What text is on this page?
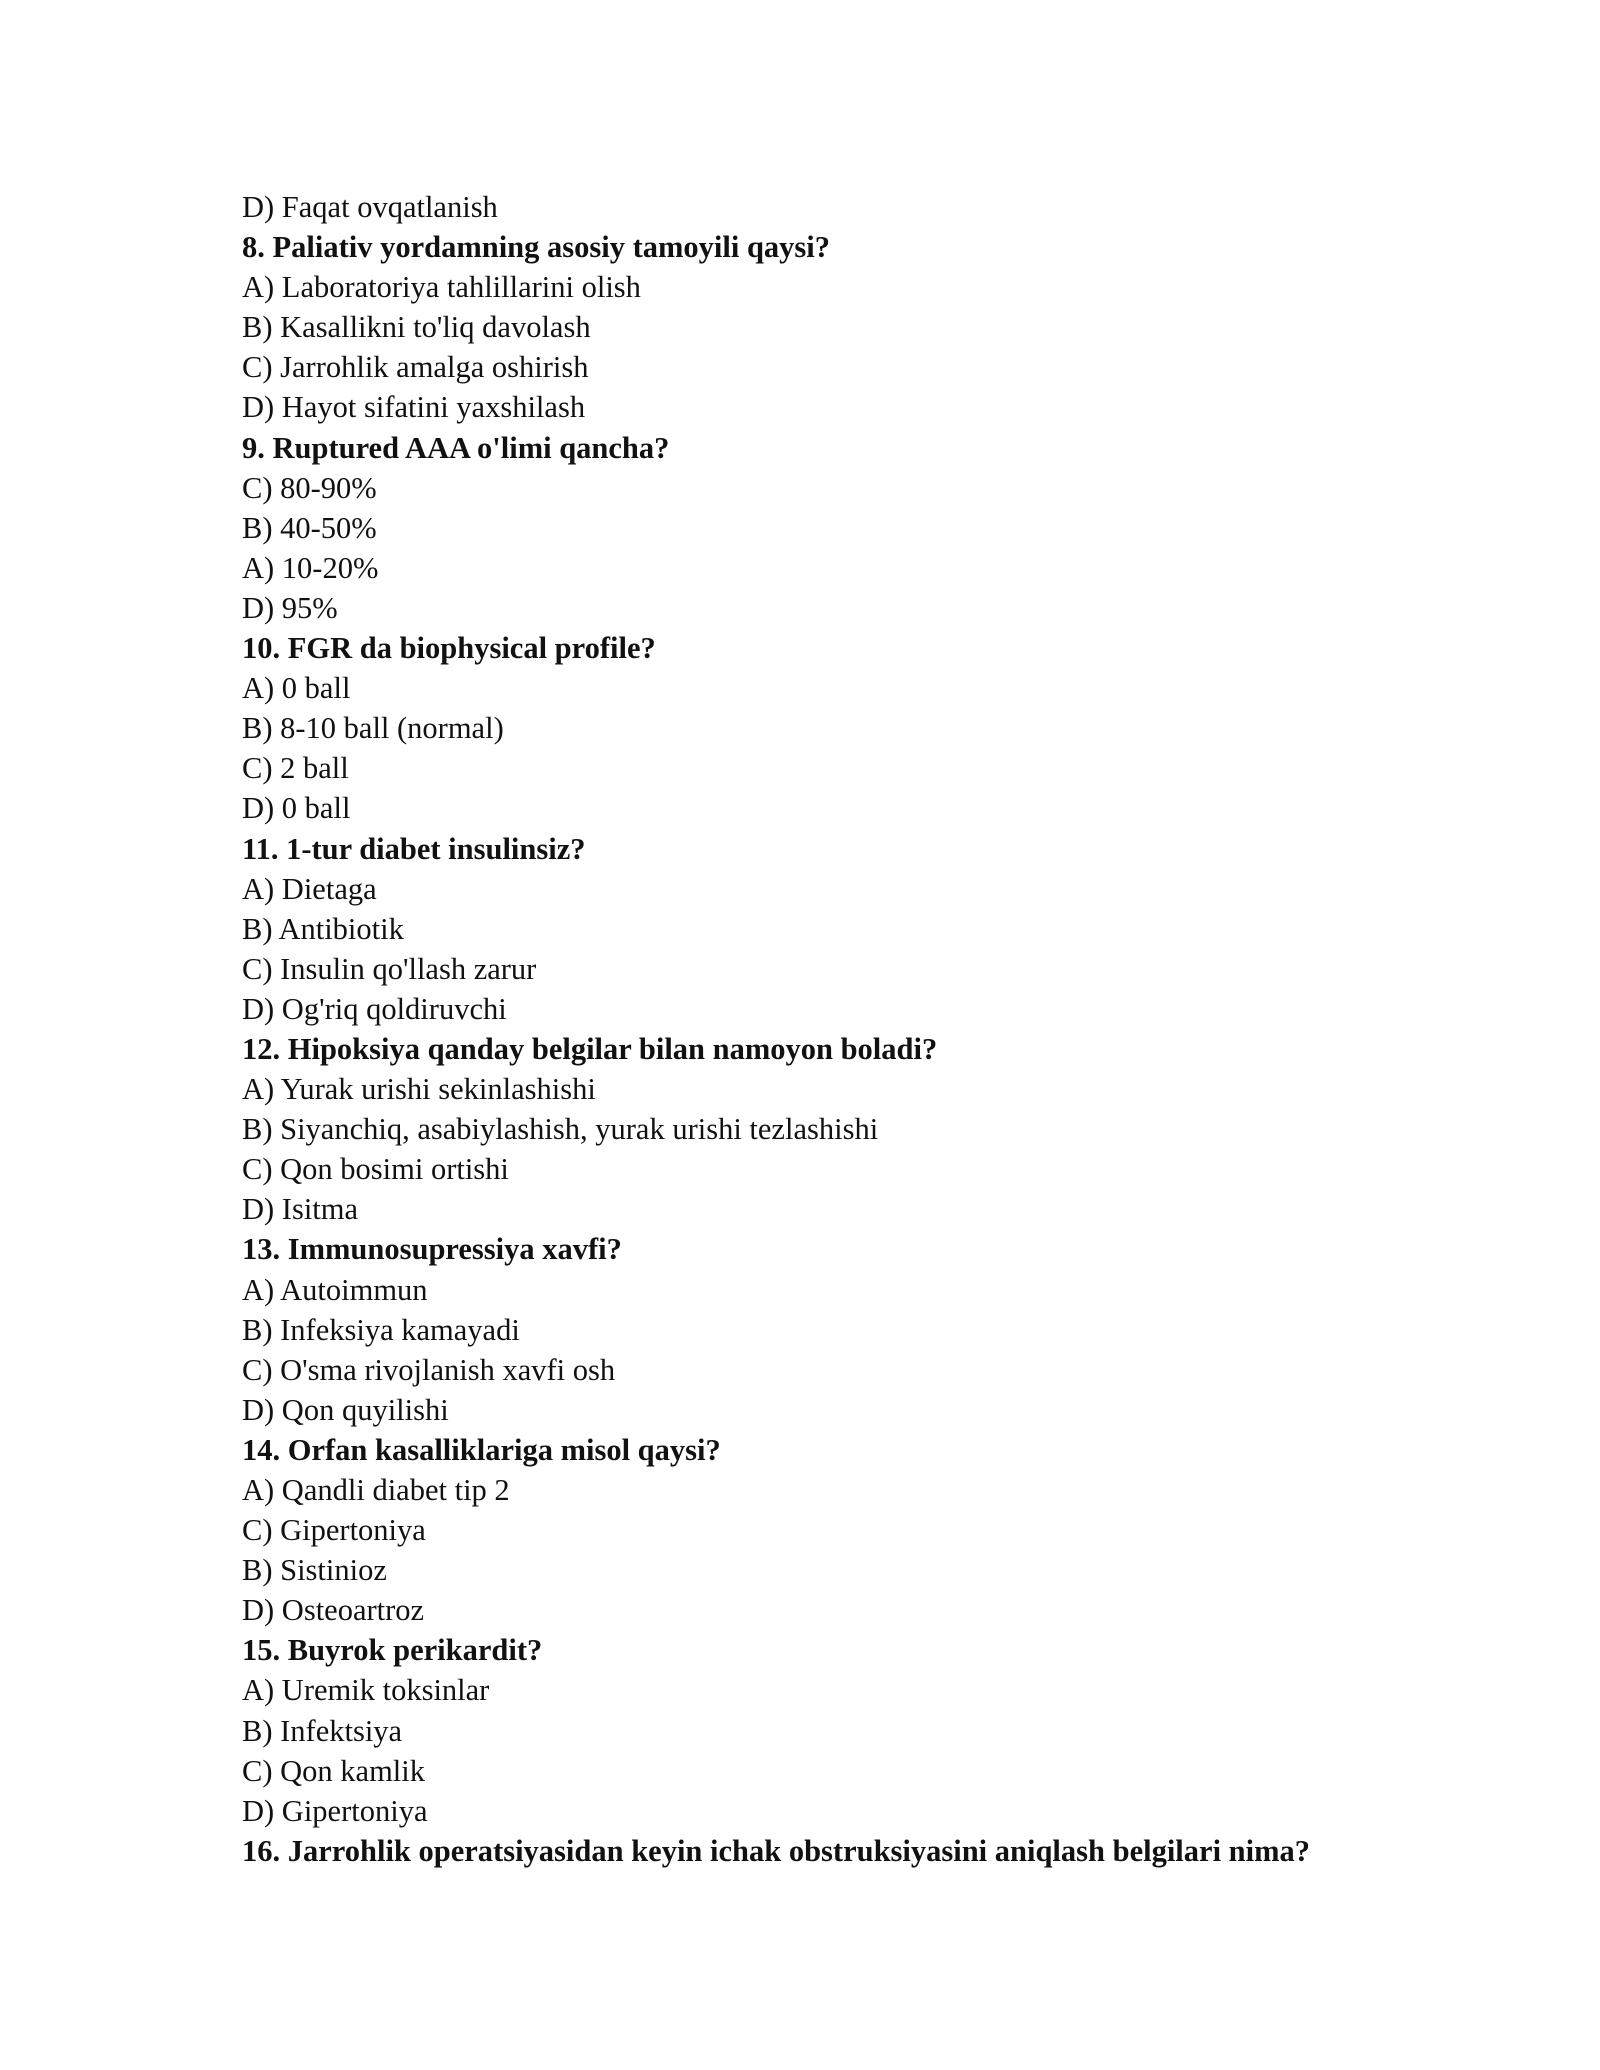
D) Faqat ovqatlanish
8. Paliativ yordamning asosiy tamoyili qaysi?
A) Laboratoriya tahlillarini olish
B) Kasallikni to'liq davolash
C) Jarrohlik amalga oshirish
D) Hayot sifatini yaxshilash
9. Ruptured AAA o'limi qancha?
C) 80-90%
B) 40-50%
A) 10-20%
D) 95%
10. FGR da biophysical profile?
A) 0 ball
B) 8-10 ball (normal)
C) 2 ball
D) 0 ball
11. 1-tur diabet insulinsiz?
A) Dietaga
B) Antibiotik
C) Insulin qo'llash zarur
D) Og'riq qoldiruvchi
12. Hipoksiya qanday belgilar bilan namoyon boladi?
A) Yurak urishi sekinlashishi
B) Siyanchiq, asabiylashish, yurak urishi tezlashishi
C) Qon bosimi ortishi
D) Isitma
13. Immunosupressiya xavfi?
A) Autoimmun
B) Infeksiya kamayadi
C) O'sma rivojlanish xavfi osh
D) Qon quyilishi
14. Orfan kasalliklariga misol qaysi?
A) Qandli diabet tip 2
C) Gipertoniya
B) Sistinioz
D) Osteoartroz
15. Buyrok perikardit?
A) Uremik toksinlar
B) Infektsiya
C) Qon kamlik
D) Gipertoniya
16. Jarrohlik operatsiyasidan keyin ichak obstruksiyasini aniqlash belgilari nima?
